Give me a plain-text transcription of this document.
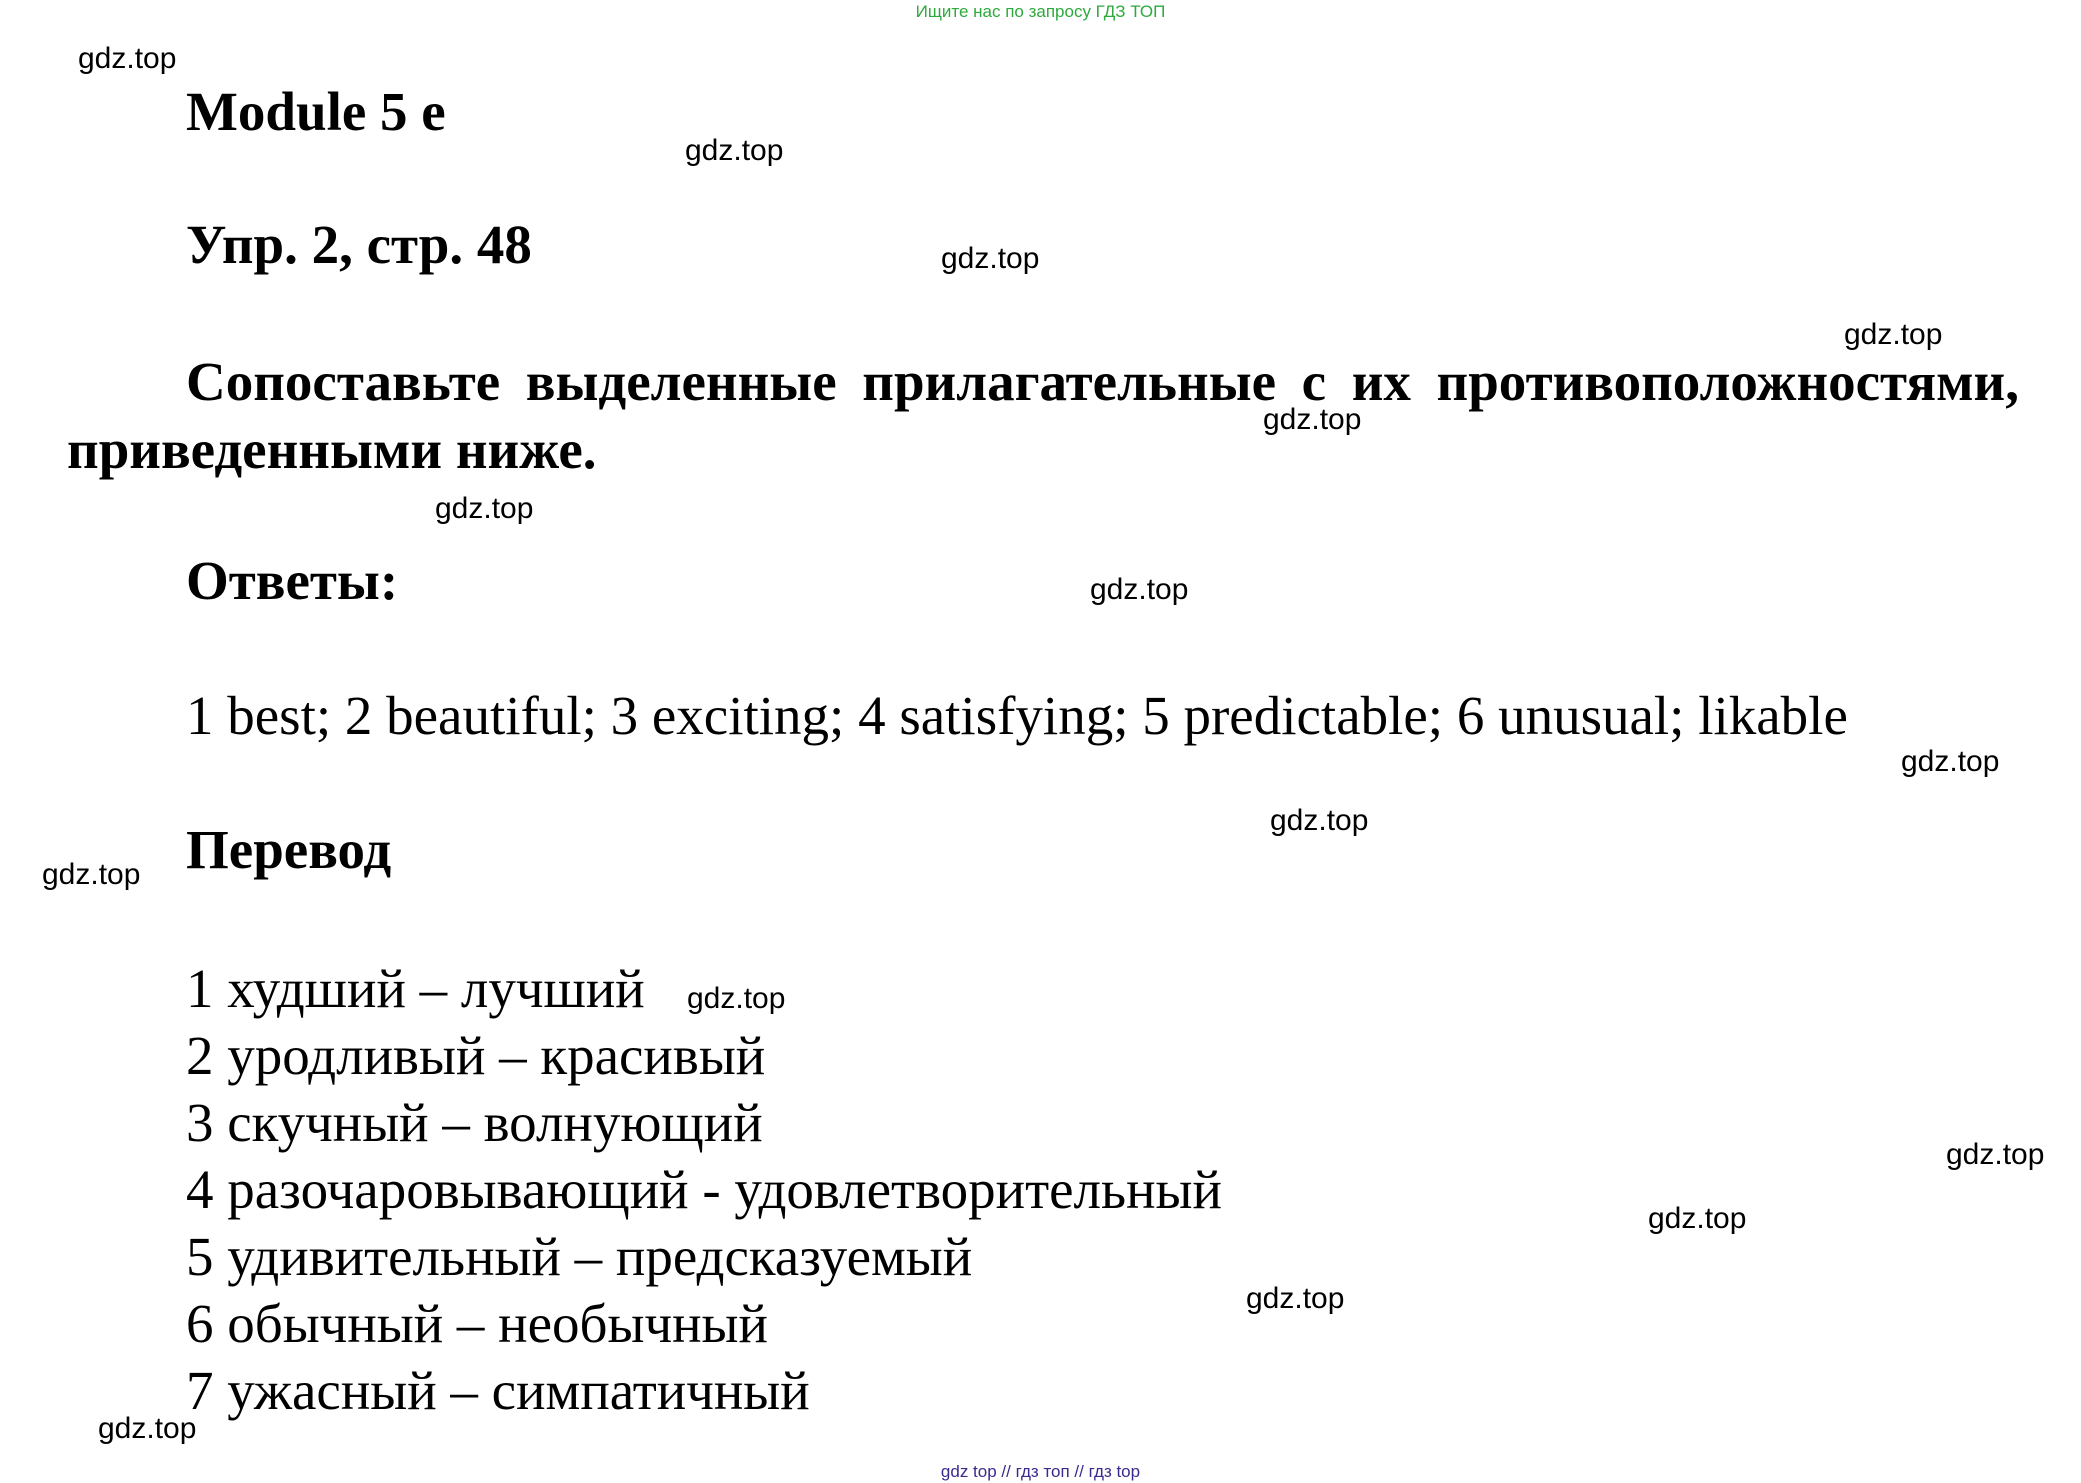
Ищите нас по запросу ГДЗ ТОП
Module 5 e
Упр. 2, стр. 48

Сопоставьте выделенные прилагательные с их противоположностями, приведенными ниже.

Ответы:
1 best; 2 beautiful; 3 exciting; 4 satisfying; 5 predictable; 6 unusual; likable
Перевод
1 худший – лучший
2 уродливый – красивый
3 скучный – волнующий
4 разочаровывающий - удовлетворительный
5 удивительный – предсказуемый
6 обычный – необычный
7 ужасный – симпатичный
gdz.top
gdz.top
gdz.top
gdz.top
gdz.top
gdz.top
gdz.top
gdz.top
gdz.top
gdz.top
gdz.top
gdz.top
gdz.top
gdz.top
gdz.top
gdz top // гдз топ // гдз top
